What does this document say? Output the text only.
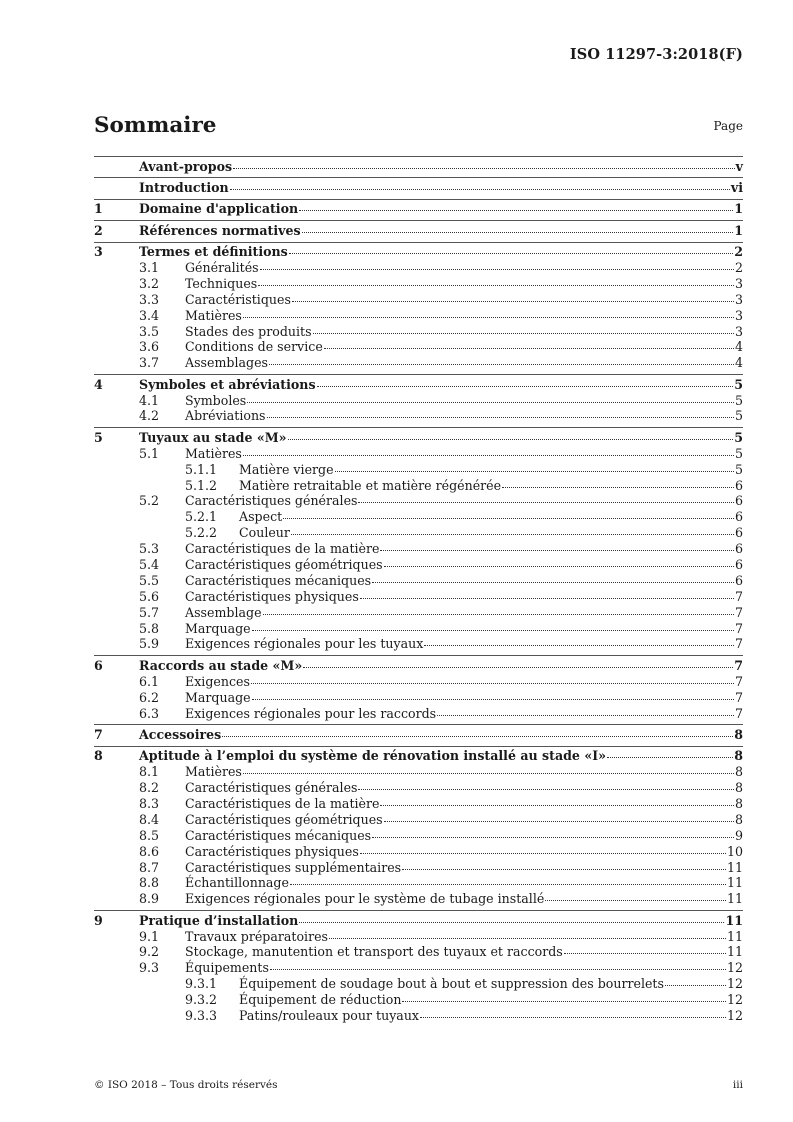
ISO 11297-3:2018(F)
Sommaire	Page
Avant-propos	v
Introduction	vi
1	Domaine d'application	1
2	Références normatives	1
3	Termes et définitions	2
3.1	Généralités	2
3.2	Techniques	3
3.3	Caractéristiques	3
3.4	Matières	3
3.5	Stades des produits	3
3.6	Conditions de service	4
3.7	Assemblages	4
4	Symboles et abréviations	5
4.1	Symboles	5
4.2	Abréviations	5
5	Tuyaux au stade «M»	5
5.1	Matières	5
5.1.1	Matière vierge	5
5.1.2	Matière retraitable et matière régénérée	6
5.2	Caractéristiques générales	6
5.2.1	Aspect	6
5.2.2	Couleur	6
5.3	Caractéristiques de la matière	6
5.4	Caractéristiques géométriques	6
5.5	Caractéristiques mécaniques	6
5.6	Caractéristiques physiques	7
5.7	Assemblage	7
5.8	Marquage	7
5.9	Exigences régionales pour les tuyaux	7
6	Raccords au stade «M»	7
6.1	Exigences	7
6.2	Marquage	7
6.3	Exigences régionales pour les raccords	7
7	Accessoires	8
8	Aptitude à l’emploi du système de rénovation installé au stade «I»	8
8.1	Matières	8
8.2	Caractéristiques générales	8
8.3	Caractéristiques de la matière	8
8.4	Caractéristiques géométriques	8
8.5	Caractéristiques mécaniques	9
8.6	Caractéristiques physiques	10
8.7	Caractéristiques supplémentaires	11
8.8	Échantillonnage	11
8.9	Exigences régionales pour le système de tubage installé	11
9	Pratique d’installation	11
9.1	Travaux préparatoires	11
9.2	Stockage, manutention et transport des tuyaux et raccords	11
9.3	Équipements	12
9.3.1	Équipement de soudage bout à bout et suppression des bourrelets	12
9.3.2	Équipement de réduction	12
9.3.3	Patins/rouleaux pour tuyaux	12
© ISO 2018 – Tous droits réservés	iii
